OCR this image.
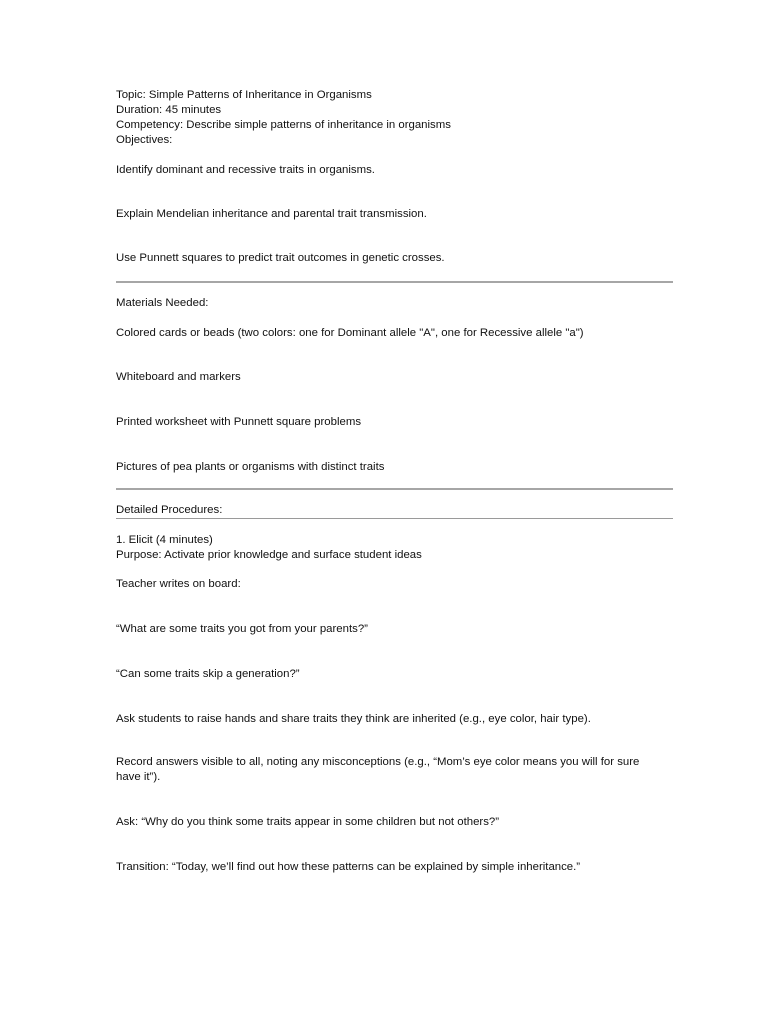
Topic: Simple Patterns of Inheritance in Organisms
Duration: 45 minutes
Competency: Describe simple patterns of inheritance in organisms
Objectives:
Identify dominant and recessive traits in organisms.
Explain Mendelian inheritance and parental trait transmission.
Use Punnett squares to predict trait outcomes in genetic crosses.
Materials Needed:
Colored cards or beads (two colors: one for Dominant allele "A", one for Recessive allele "a")
Whiteboard and markers
Printed worksheet with Punnett square problems
Pictures of pea plants or organisms with distinct traits
Detailed Procedures:
1. Elicit (4 minutes)
Purpose: Activate prior knowledge and surface student ideas
Teacher writes on board:
“What are some traits you got from your parents?”
“Can some traits skip a generation?”
Ask students to raise hands and share traits they think are inherited (e.g., eye color, hair type).
Record answers visible to all, noting any misconceptions (e.g., “Mom’s eye color means you will for sure have it”).
Ask: “Why do you think some traits appear in some children but not others?”
Transition: “Today, we’ll find out how these patterns can be explained by simple inheritance.”
